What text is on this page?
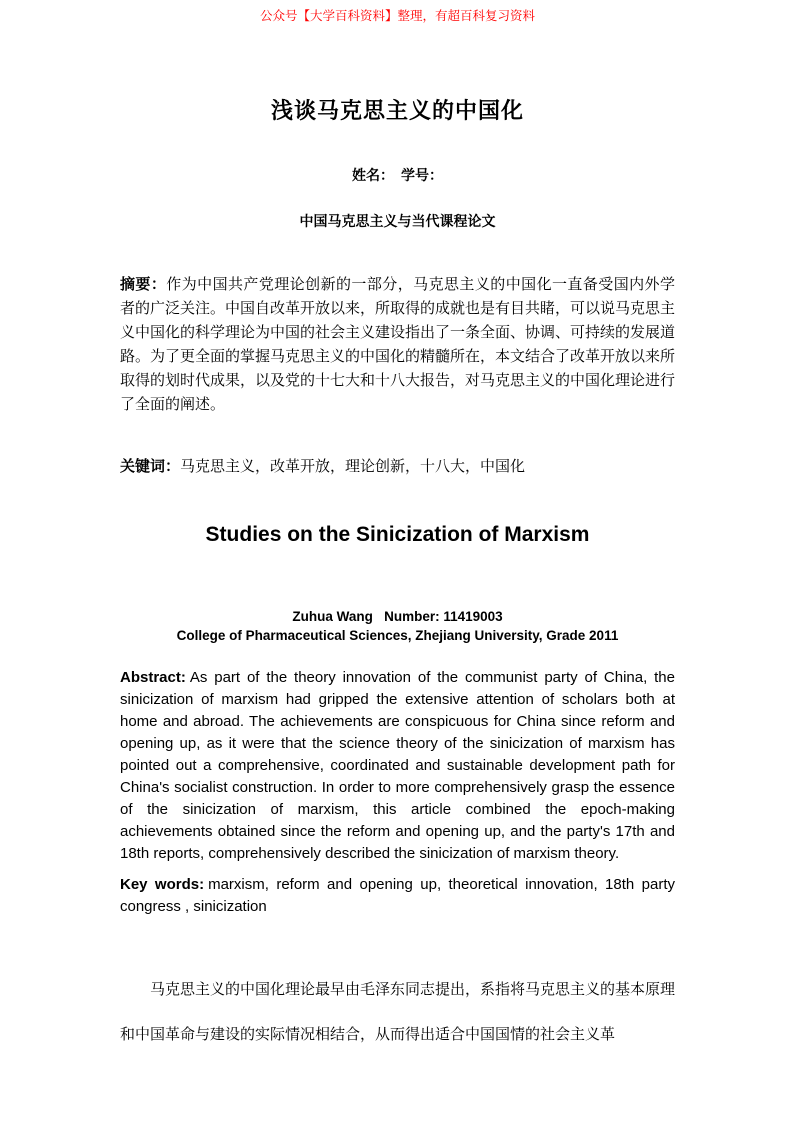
公众号【大学百科资料】整理，有超百科复习资料
浅谈马克思主义的中国化
姓名：  学号：
中国马克思主义与当代课程论文

摘要：作为中国共产党理论创新的一部分，马克思主义的中国化一直备受国内外学者的广泛关注。中国自改革开放以来，所取得的成就也是有目共睹，可以说马克思主义中国化的科学理论为中国的社会主义建设指出了一条全面、协调、可持续的发展道路。为了更全面的掌握马克思主义的中国化的精髓所在，本文结合了改革开放以来所取得的划时代成果，以及党的十七大和十八大报告，对马克思主义的中国化理论进行了全面的阐述。

关键词：马克思主义，改革开放，理论创新，十八大，中国化

Studies on the Sinicization of Marxism
Zuhua Wang   Number: 11419003
College of Pharmaceutical Sciences, Zhejiang University, Grade 2011

Abstract: As part of the theory innovation of the communist party of China, the sinicization of marxism had gripped the extensive attention of scholars both at home and abroad. The achievements are conspicuous for China since reform and opening up, as it were that the science theory of the sinicization of marxism has pointed out a comprehensive, coordinated and sustainable development path for China's socialist construction. In order to more comprehensively grasp the essence of the sinicization of marxism, this article combined the epoch-making achievements obtained since the reform and opening up, and the party's 17th and 18th reports, comprehensively described the sinicization of marxism theory.

Key words: marxism, reform and opening up, theoretical innovation, 18th party congress , sinicization

马克思主义的中国化理论最早由毛泽东同志提出，系指将马克思主义的基本原理和中国革命与建设的实际情况相结合，从而得出适合中国国情的社会主义革
